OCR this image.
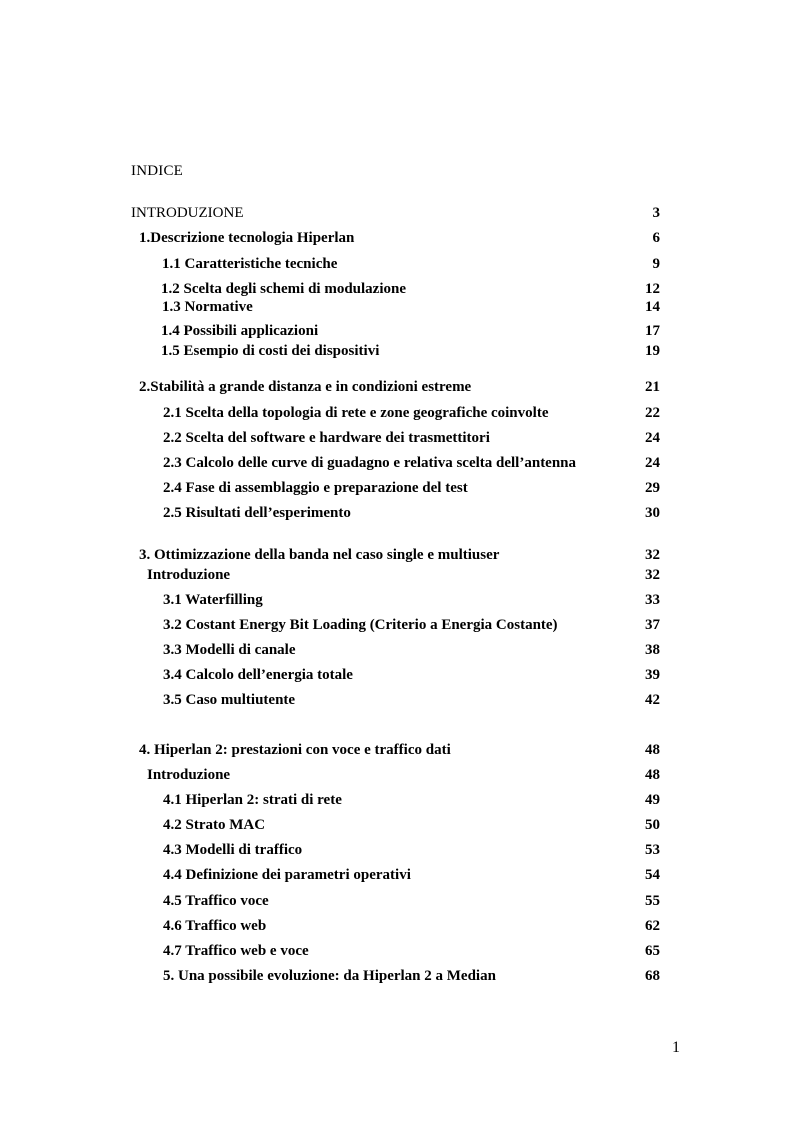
INDICE
INTRODUZIONE	3
1.Descrizione tecnologia Hiperlan	6
1.1 Caratteristiche tecniche	9
1.2 Scelta degli schemi di modulazione	12
1.3 Normative	14
1.4 Possibili applicazioni	17
1.5 Esempio di costi dei dispositivi	19
2.Stabilità a grande distanza e in condizioni estreme	21
2.1 Scelta della topologia di rete e zone geografiche coinvolte	22
2.2 Scelta del software e hardware dei trasmettitori	24
2.3 Calcolo delle curve di guadagno e relativa scelta dell’antenna	24
2.4 Fase di assemblaggio e preparazione del test	29
2.5 Risultati dell’esperimento	30
3. Ottimizzazione della banda nel caso single e multiuser	32
Introduzione	32
3.1 Waterfilling	33
3.2 Costant Energy Bit Loading (Criterio a Energia Costante)	37
3.3 Modelli di canale	38
3.4 Calcolo dell’energia totale	39
3.5 Caso multiutente	42
4. Hiperlan 2: prestazioni con voce e traffico dati	48
Introduzione	48
4.1 Hiperlan 2: strati di rete	49
4.2 Strato MAC	50
4.3 Modelli di traffico	53
4.4 Definizione dei parametri operativi	54
4.5 Traffico voce	55
4.6 Traffico web	62
4.7 Traffico web e voce	65
5. Una possibile evoluzione: da Hiperlan 2 a Median	68
1
